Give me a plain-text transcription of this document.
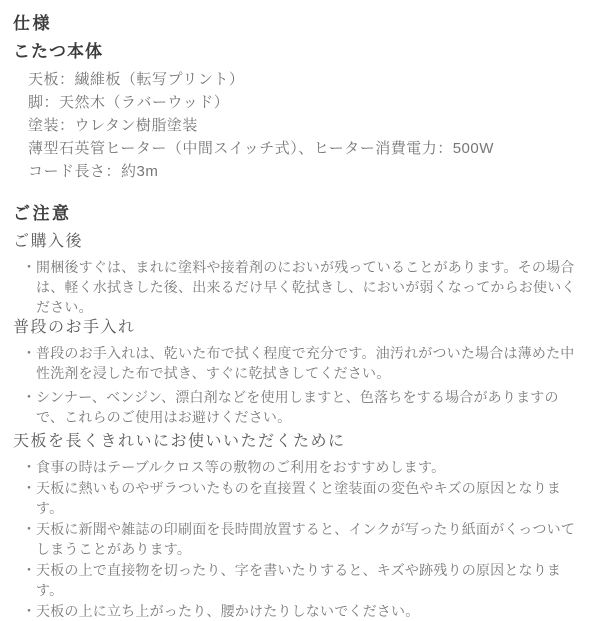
仕様
こたつ本体

天板：繊維板（転写プリント）

脚：天然木（ラバーウッド）

塗装：ウレタン樹脂塗装

薄型石英管ヒーター（中間スイッチ式）、ヒーター消費電力：500W

コード長さ：約3m

ご注意
ご購入後
・ 開梱後すぐは、まれに塗料や接着剤のにおいが残っていることがあります。その場合は、軽く水拭きした後、出来るだけ早く乾拭きし、においが弱くなってからお使いください。
普段のお手入れ
・ 普段のお手入れは、乾いた布で拭く程度で充分です。油汚れがついた場合は薄めた中性洗剤を浸した布で拭き、すぐに乾拭きしてください。
・ シンナー、ベンジン、漂白剤などを使用しますと、色落ちをする場合がありますので、これらのご使用はお避けください。
天板を長くきれいにお使いいただくために
・ 食事の時はテーブルクロス等の敷物のご利用をおすすめします。
・ 天板に熱いものやザラついたものを直接置くと塗装面の変色やキズの原因となります。
・ 天板に新聞や雑誌の印刷面を長時間放置すると、インクが写ったり紙面がくっついてしまうことがあります。
・ 天板の上で直接物を切ったり、字を書いたりすると、キズや跡残りの原因となります。
・ 天板の上に立ち上がったり、腰かけたりしないでください。
